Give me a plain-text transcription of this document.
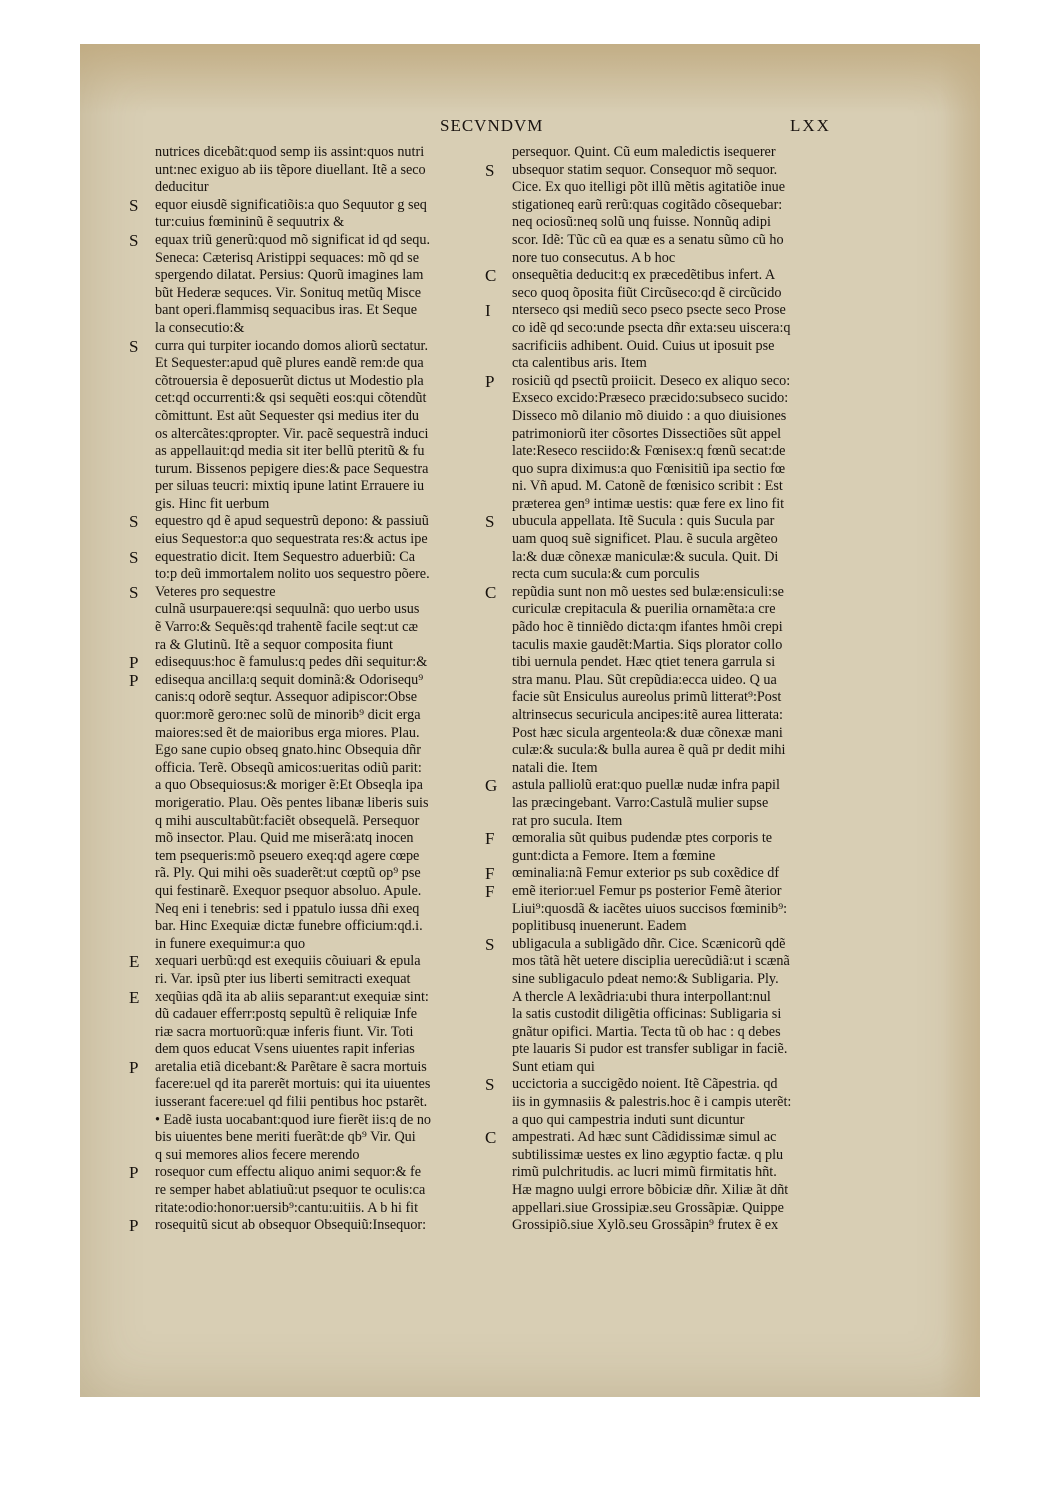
SECVNDVM	LXX
nutrices dicebãt:quod semp iis assint:quos nutri
unt:nec exiguo ab iis tẽpore diuellant. Itẽ a seco
deducitur
S equor eiusdẽ significatiõis:a quo Sequutor g seq
tur:cuius fœmininũ ẽ sequutrix &
S equax triũ generũ:quod mõ significat id qd sequ.
Seneca: Cæterisq Aristippi sequaces: mõ qd se
spergendo dilatat. Persius: Quorũ imagines lam
bũt Hederæ sequces. Vir. Sonituq metũq Misce
bant operi.flammisq sequacibus iras. Et Seque
la consecutio:&
S curra qui turpiter iocando domos aliorũ sectatur.
Et Sequester:apud quẽ plures eandẽ rem:de qua
cõtrouersia ẽ deposuerũt dictus ut Modestio pla
cet:qd occurrenti:& qsi sequẽti eos:qui cõtendũt
cõmittunt. Est aũt Sequester qsi medius iter du
os altercãtes:qpropter. Vir. pacẽ sequestrã induci
as appellauit:qd media sit iter bellũ pteritũ & fu
turum. Bissenos pepigere dies:& pace Sequestra
per siluas teucri: mixtiq ipune latint Errauere iu
gis. Hinc fit uerbum
S equestro qd ẽ apud sequestrũ depono: & passiuũ
eius Sequestor:a quo sequestrata res:& actus ipe
S equestratio dicit. Item Sequestro aduerbiũ: Ca
to:p deũ immortalem nolito uos sequestro põere.
S Veteres pro sequestre
culnã usurpauere:qsi sequulnã: quo uerbo usus
ẽ Varro:& Sequẽs:qd trahentẽ facile seqt:ut cæ
ra & Glutinũ. Itẽ a sequor composita fiunt
P edisequus:hoc ẽ famulus:q pedes dñi sequitur:&
P edisequa ancilla:q sequit dominã:& Odorisequ⁹
canis:q odorẽ seqtur. Assequor adipiscor:Obse
quor:morẽ gero:nec solũ de minorib⁹ dicit erga
maiores:sed ẽt de maioribus erga miores. Plau.
Ego sane cupio obseq gnato.hinc Obsequia dñr
officia. Terẽ. Obseqũ amicos:ueritas odiũ parit:
a quo Obsequiosus:& moriger ẽ:Et Obseqla ipa
morigeratio. Plau. Oẽs pentes libanæ liberis suis
q mihi auscultabũt:faciẽt obsequelã. Persequor
mõ insector. Plau. Quid me miserã:atq inocen
tem psequeris:mõ pseuero exeq:qd agere cœpe
rã. Ply. Qui mihi oẽs suaderẽt:ut cœptũ op⁹ pse
qui festinarẽ. Exequor psequor absoluo. Apule.
Neq eni i tenebris: sed i ppatulo iussa dñi exeq
bar. Hinc Exequiæ dictæ funebre officium:qd.i.
in funere exequimur:a quo
E xequari uerbũ:qd est exequiis cõuiuari & epula
ri. Var. ipsũ pter ius liberti semitracti exequat
E xeqũias qdã ita ab aliis separant:ut exequiæ sint:
dũ cadauer efferr:postq sepultũ ẽ reliquiæ Infe
riæ sacra mortuorũ:quæ inferis fiunt. Vir. Toti
dem quos educat Vsens uiuentes rapit inferias
P aretalia etiã dicebant:& Parẽtare ẽ sacra mortuis
facere:uel qd ita parerẽt mortuis: qui ita uiuentes
iusserant facere:uel qd filii pentibus hoc pstarẽt.
• Eadẽ iusta uocabant:quod iure fierẽt iis:q de no
bis uiuentes bene meriti fuerãt:de qb⁹ Vir. Qui
q sui memores alios fecere merendo
P rosequor cum effectu aliquo animi sequor:& fe
re semper habet ablatiuũ:ut psequor te oculis:ca
ritate:odio:honor:uersib⁹:cantu:uitiis. A b hi fit
P rosequitũ sicut ab obsequor Obsequiũ:Insequor:
persequor. Quint. Cũ eum maledictis isequerer
S ubsequor statim sequor. Consequor mõ sequor.
Cice. Ex quo itelligi põt illũ mẽtis agitatiõe inue
stigationeq earũ rerũ:quas cogitãdo cõsequebar:
neq ociosũ:neq solũ unq fuisse. Nonnũq adipi
scor. Idẽ: Tũc cũ ea quæ es a senatu sũmo cũ ho
nore tuo consecutus. A b hoc
C onsequẽtia deducit:q ex præcedẽtibus infert. A
seco quoq õposita fiũt Circũseco:qd ẽ circũcido
I nterseco qsi mediũ seco pseco psecte seco Prose
co idẽ qd seco:unde psecta dñr exta:seu uiscera:q
sacrificiis adhibent. Ouid. Cuius ut iposuit pse
cta calentibus aris. Item
P rosiciũ qd psectũ proiicit. Deseco ex aliquo seco:
Exseco excido:Præseco præcido:subseco sucido:
Disseco mõ dilanio mõ diuido : a quo diuisiones
patrimoniorũ iter cõsortes Dissectiões sũt appel
late:Reseco resciido:& Fœnisex:q fœnũ secat:de
quo supra diximus:a quo Fœnisitiũ ipa sectio fœ
ni. Vñ apud. M. Catonẽ de fœnisico scribit : Est
præterea gen⁹ intimæ uestis: quæ fere ex lino fit
S ubucula appellata. Itẽ Sucula : quis Sucula par
uam quoq suẽ significet. Plau. ẽ sucula argẽteo
la:& duæ cõnexæ maniculæ:& sucula. Quit. Di
recta cum sucula:& cum porculis
C repũdia sunt non mõ uestes sed bulæ:ensiculi:se
curiculæ crepitacula & puerilia ornamẽta:a cre
pãdo hoc ẽ tinniẽdo dicta:qm ifantes hmõi crepi
taculis maxie gaudẽt:Martia. Siqs plorator collo
tibi uernula pendet. Hæc qtiet tenera garrula si
stra manu. Plau. Sũt crepũdia:ecca uideo. Q ua
facie sũt Ensiculus aureolus primũ litterat⁹:Post
altrinsecus securicula ancipes:itẽ aurea litterata:
Post hæc sicula argenteola:& duæ cõnexæ mani
culæ:& sucula:& bulla aurea ẽ quã pr dedit mihi
natali die. Item
G astula palliolũ erat:quo puellæ nudæ infra papil
las præcingebant. Varro:Castulã mulier supse
rat pro sucula. Item
F œmoralia sũt quibus pudendæ ptes corporis te
gunt:dicta a Femore. Item a fœmine
F œminalia:nã Femur exterior ps sub coxẽdice df
F emẽ iterior:uel Femur ps posterior Femẽ ãterior
Liui⁹:quosdã & iacẽtes uiuos succisos fœminib⁹:
poplitibusq inuenerunt. Eadem
S ubligacula a subligãdo dñr. Cice. Scænicorũ qdẽ
mos tãtã hẽt uetere disciplia uerecũdiã:ut i scænã
sine subligaculo pdeat nemo:& Subligaria. Ply.
A thercle A lexãdria:ubi thura interpollant:nul
la satis custodit diligẽtia officinas: Subligaria si
gnãtur opifici. Martia. Tecta tũ ob hac : q debes
pte lauaris Si pudor est transfer subligar in faciẽ.
Sunt etiam qui
S uccictoria a succigẽdo noient. Itẽ Cãpestria. qd
iis in gymnasiis & palestris.hoc ẽ i campis uterẽt:
a quo qui campestria induti sunt dicuntur
C ampestrati. Ad hæc sunt Cãdidissimæ simul ac
subtilissimæ uestes ex lino ægyptio factæ. q plu
rimũ pulchritudis. ac lucri mimũ firmitatis hñt.
Hæ magno uulgi errore bõbiciæ dñr. Xiliæ ãt dñt
appellari.siue Grossipiæ.seu Grossãpiæ. Quippe
Grossipiõ.siue Xylõ.seu Grossãpin⁹ frutex ẽ ex
